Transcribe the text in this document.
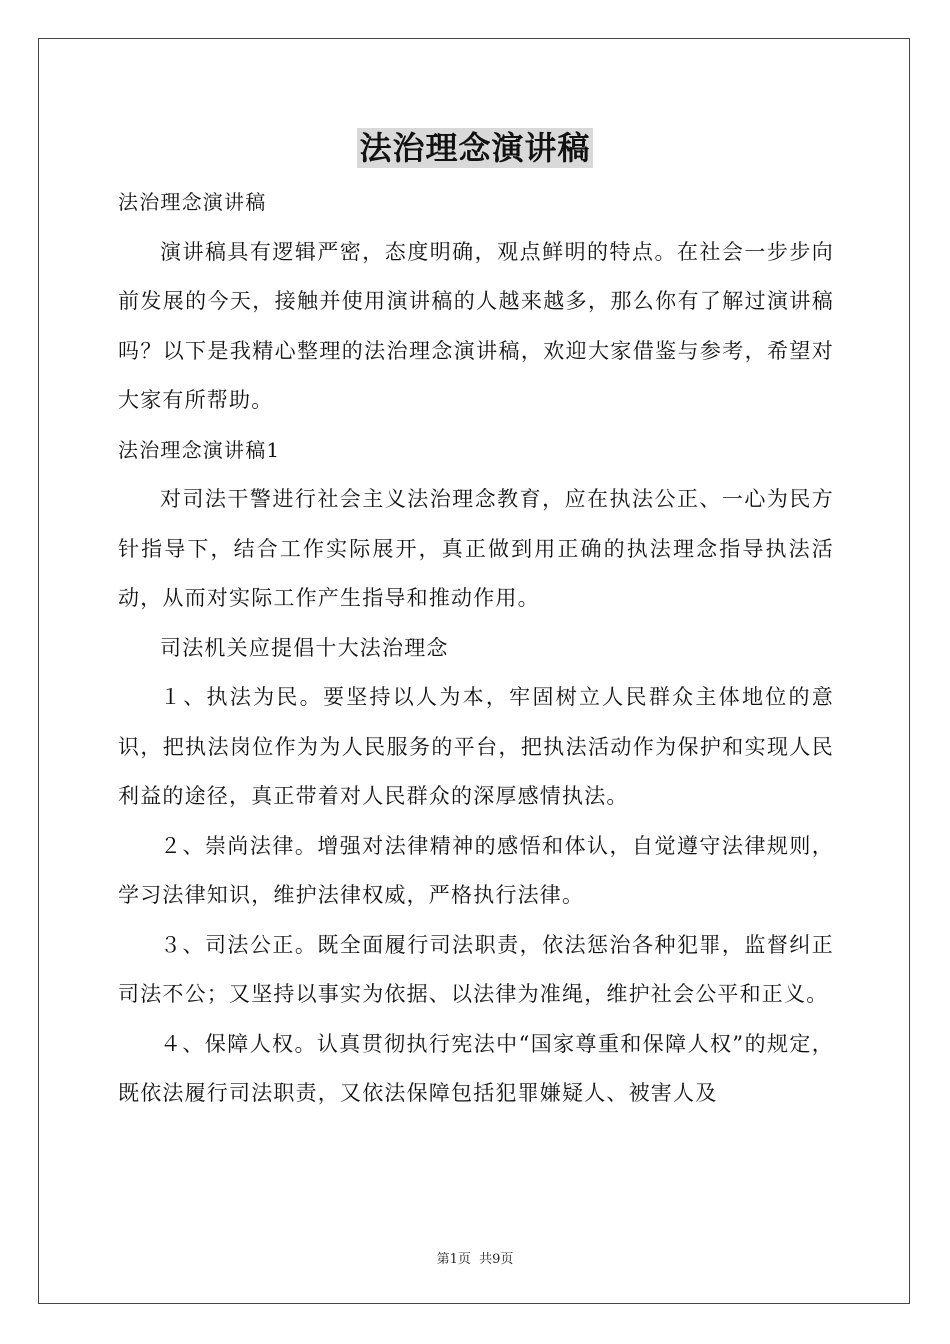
法治理念演讲稿

法治理念演讲稿

演讲稿具有逻辑严密，态度明确，观点鲜明的特点。在社会一步步向前发展的今天，接触并使用演讲稿的人越来越多，那么你有了解过演讲稿吗？以下是我精心整理的法治理念演讲稿，欢迎大家借鉴与参考，希望对大家有所帮助。

法治理念演讲稿1

对司法干警进行社会主义法治理念教育，应在执法公正、一心为民方针指导下，结合工作实际展开，真正做到用正确的执法理念指导执法活动，从而对实际工作产生指导和推动作用。

司法机关应提倡十大法治理念

１、执法为民。要坚持以人为本，牢固树立人民群众主体地位的意识，把执法岗位作为为人民服务的平台，把执法活动作为保护和实现人民利益的途径，真正带着对人民群众的深厚感情执法。

２、崇尚法律。增强对法律精神的感悟和体认，自觉遵守法律规则，学习法律知识，维护法律权威，严格执行法律。

３、司法公正。既全面履行司法职责，依法惩治各种犯罪，监督纠正司法不公；又坚持以事实为依据、以法律为准绳，维护社会公平和正义。

４、保障人权。认真贯彻执行宪法中“国家尊重和保障人权”的规定，既依法履行司法职责，又依法保障包括犯罪嫌疑人、被害人及

第1页 共9页
